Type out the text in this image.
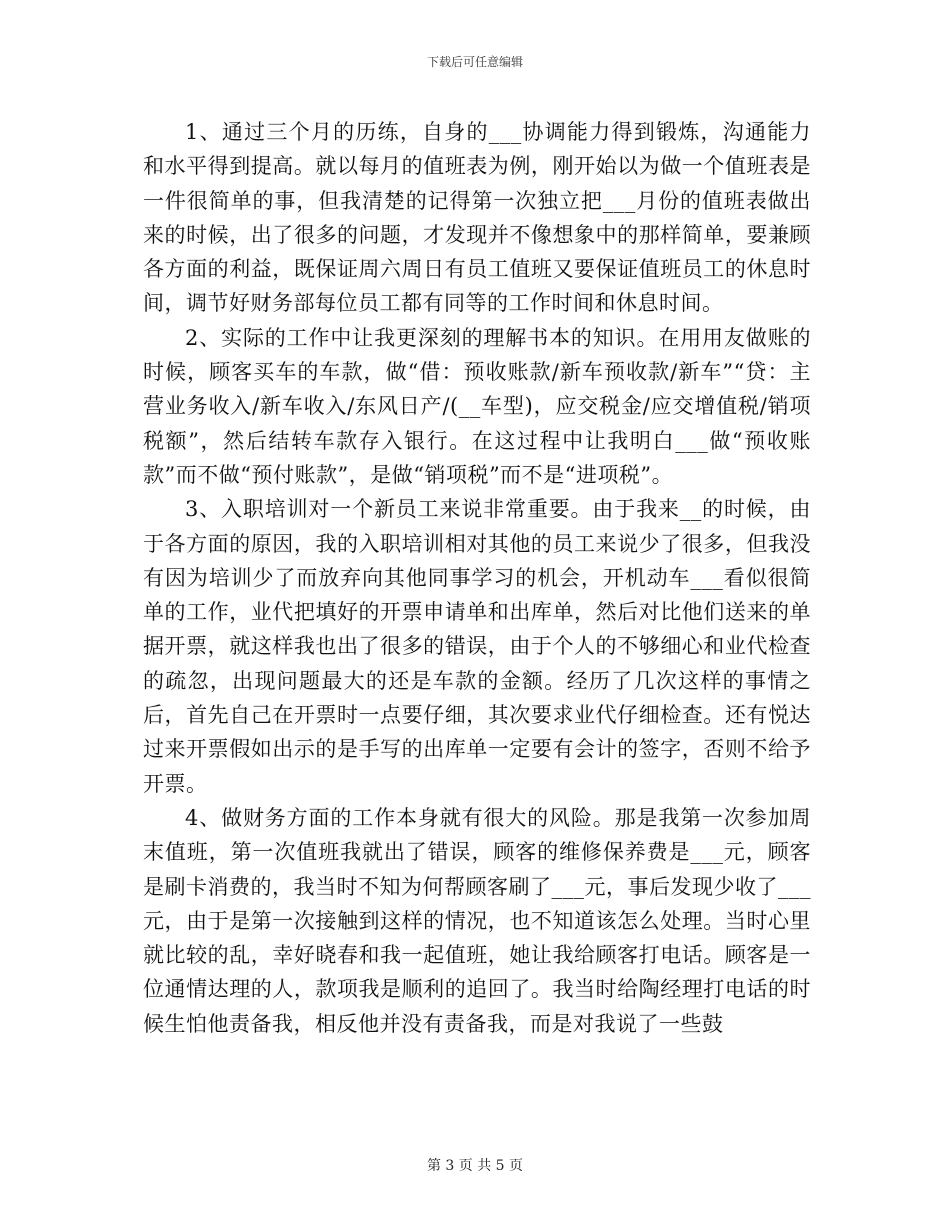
下载后可任意编辑

1、通过三个月的历练，自身的___协调能力得到锻炼，沟通能力和水平得到提高。就以每月的值班表为例，刚开始以为做一个值班表是一件很简单的事，但我清楚的记得第一次独立把___月份的值班表做出来的时候，出了很多的问题，才发现并不像想象中的那样简单，要兼顾各方面的利益，既保证周六周日有员工值班又要保证值班员工的休息时间，调节好财务部每位员工都有同等的工作时间和休息时间。

2、实际的工作中让我更深刻的理解书本的知识。在用用友做账的时候，顾客买车的车款，做“借：预收账款/新车预收款/新车”“贷：主营业务收入/新车收入/东风日产/(__车型)，应交税金/应交增值税/销项税额”，然后结转车款存入银行。在这过程中让我明白___做“预收账款”而不做“预付账款”，是做“销项税”而不是“进项税”。

3、入职培训对一个新员工来说非常重要。由于我来__的时候，由于各方面的原因，我的入职培训相对其他的员工来说少了很多，但我没有因为培训少了而放弃向其他同事学习的机会，开机动车___看似很简单的工作，业代把填好的开票申请单和出库单，然后对比他们送来的单据开票，就这样我也出了很多的错误，由于个人的不够细心和业代检查的疏忽，出现问题最大的还是车款的金额。经历了几次这样的事情之后，首先自己在开票时一点要仔细，其次要求业代仔细检查。还有悦达过来开票假如出示的是手写的出库单一定要有会计的签字，否则不给予开票。

4、做财务方面的工作本身就有很大的风险。那是我第一次参加周末值班，第一次值班我就出了错误，顾客的维修保养费是___元，顾客是刷卡消费的，我当时不知为何帮顾客刷了___元，事后发现少收了___元，由于是第一次接触到这样的情况，也不知道该怎么处理。当时心里就比较的乱，幸好晓春和我一起值班，她让我给顾客打电话。顾客是一位通情达理的人，款项我是顺利的追回了。我当时给陶经理打电话的时候生怕他责备我，相反他并没有责备我，而是对我说了一些鼓

第 3 页 共 5 页
